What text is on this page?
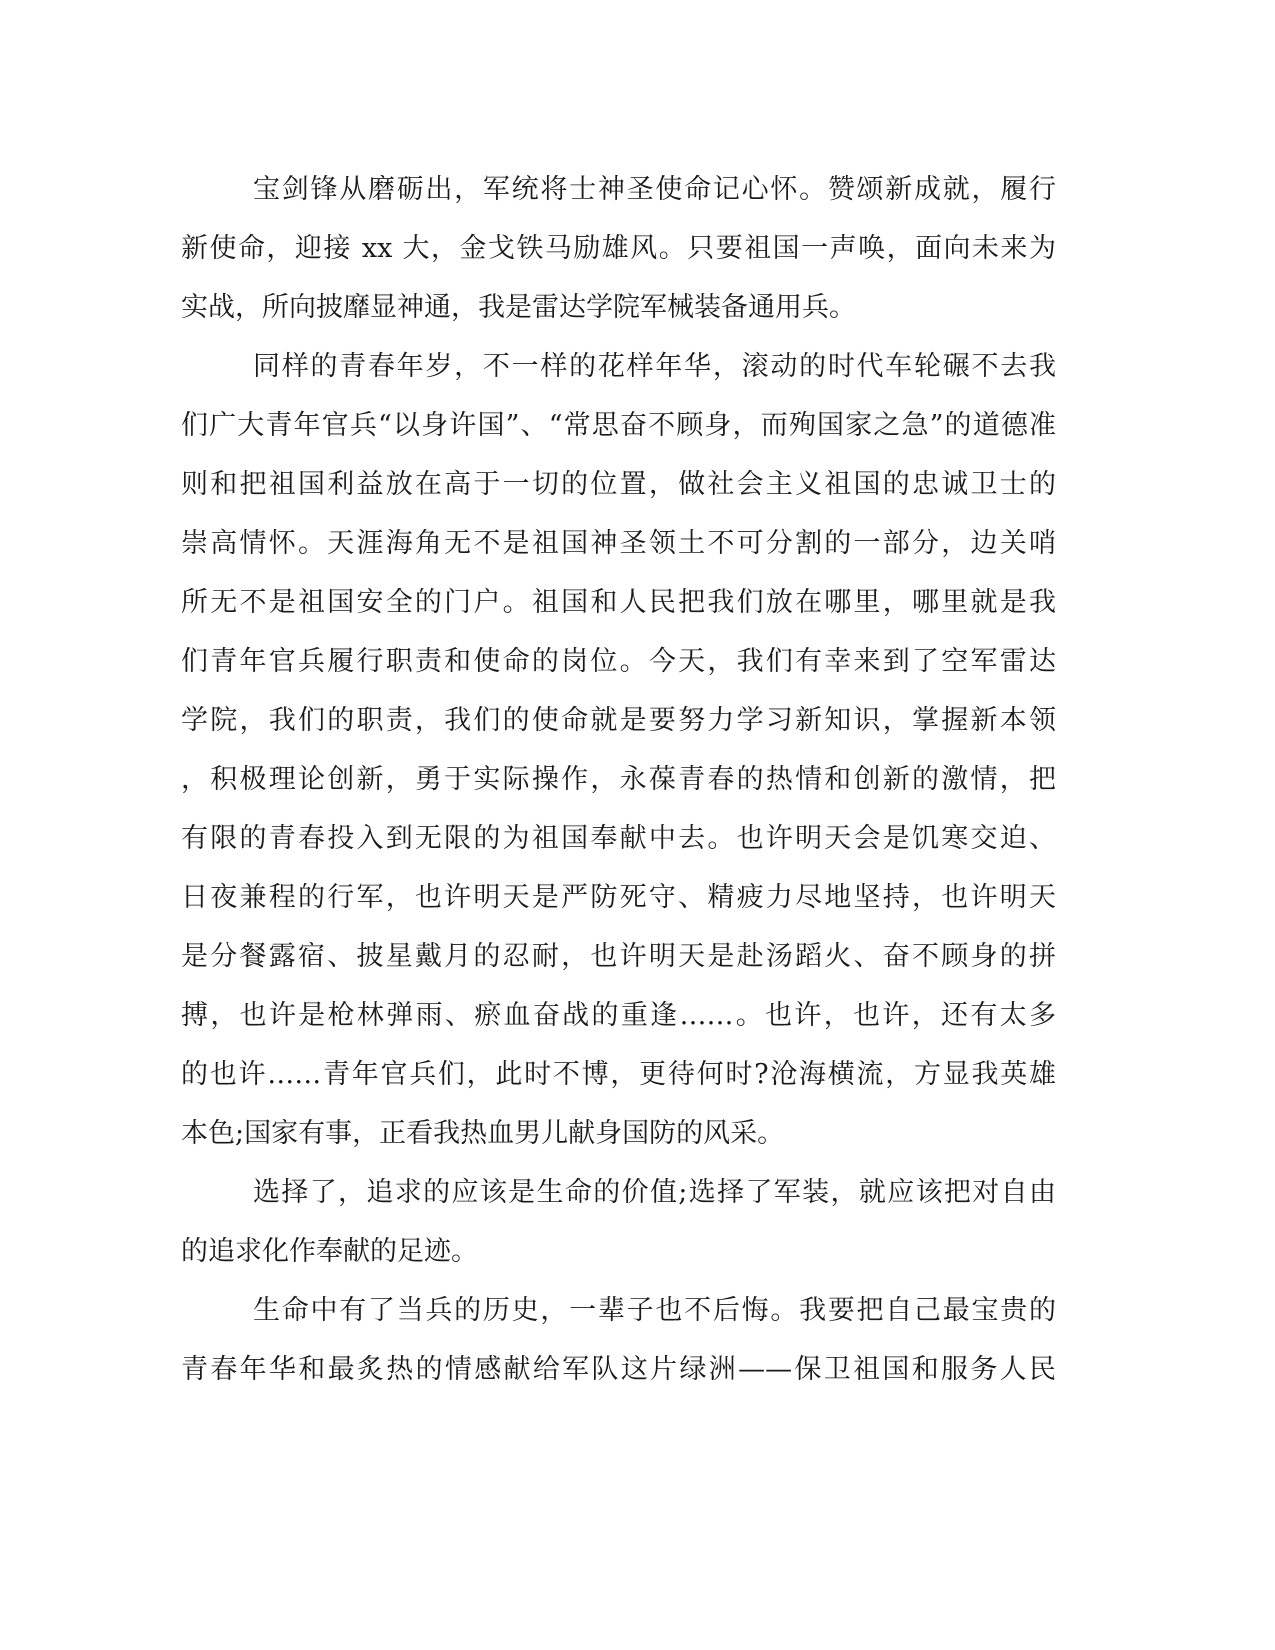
宝剑锋从磨砺出，军统将士神圣使命记心怀。赞颂新成就，履行
新使命，迎接 xx 大，金戈铁马励雄风。只要祖国一声唤，面向未来为
实战，所向披靡显神通，我是雷达学院军械装备通用兵。
同样的青春年岁，不一样的花样年华，滚动的时代车轮碾不去我
们广大青年官兵“以身许国”、“常思奋不顾身，而殉国家之急”的道德准
则和把祖国利益放在高于一切的位置，做社会主义祖国的忠诚卫士的
崇高情怀。天涯海角无不是祖国神圣领土不可分割的一部分，边关哨
所无不是祖国安全的门户。祖国和人民把我们放在哪里，哪里就是我
们青年官兵履行职责和使命的岗位。今天，我们有幸来到了空军雷达
学院，我们的职责，我们的使命就是要努力学习新知识，掌握新本领
，积极理论创新，勇于实际操作，永葆青春的热情和创新的激情，把
有限的青春投入到无限的为祖国奉献中去。也许明天会是饥寒交迫、
日夜兼程的行军，也许明天是严防死守、精疲力尽地坚持，也许明天
是分餐露宿、披星戴月的忍耐，也许明天是赴汤蹈火、奋不顾身的拼
搏，也许是枪林弹雨、瘀血奋战的重逢……。也许，也许，还有太多
的也许……青年官兵们，此时不博，更待何时?沧海横流，方显我英雄
本色;国家有事，正看我热血男儿献身国防的风采。
选择了，追求的应该是生命的价值;选择了军装，就应该把对自由
的追求化作奉献的足迹。
生命中有了当兵的历史，一辈子也不后悔。我要把自己最宝贵的
青春年华和最炙热的情感献给军队这片绿洲——保卫祖国和服务人民
